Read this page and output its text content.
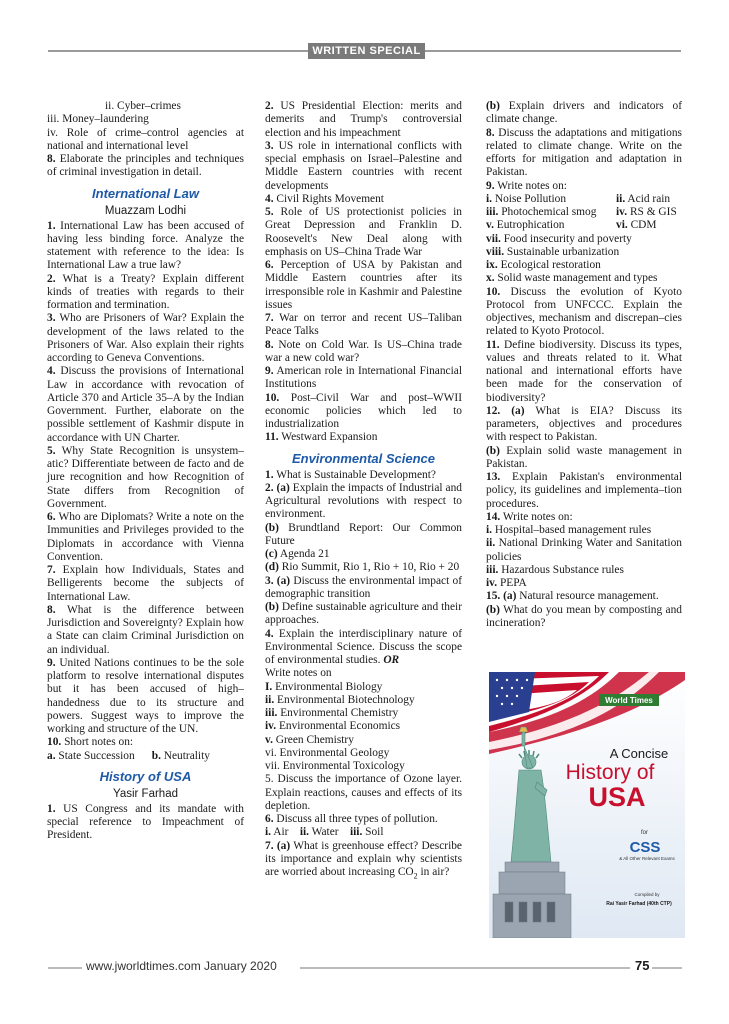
WRITTEN SPECIAL

ii. Cyber–crimes

iii. Money–laundering

iv. Role of crime–control agencies at national and international level

8. Elaborate the principles and techniques of criminal investigation in detail.

International Law

Muazzam Lodhi

1. International Law has been accused of having less binding force. Analyze the statement with reference to the idea: Is International Law a true law?

2. What is a Treaty? Explain different kinds of treaties with regards to their formation and termination.

3. Who are Prisoners of War? Explain the development of the laws related to the Prisoners of War. Also explain their rights according to Geneva Conventions.

4. Discuss the provisions of International Law in accordance with revocation of Article 370 and Article 35–A by the Indian Government. Further, elaborate on the possible settlement of Kashmir dispute in accordance with UN Charter.

5. Why State Recognition is unsystem–atic? Differentiate between de facto and de jure recognition and how Recognition of State differs from Recognition of Government.

6. Who are Diplomats? Write a note on the Immunities and Privileges provided to the Diplomats in accordance with Vienna Convention.

7. Explain how Individuals, States and Belligerents become the subjects of International Law.

8. What is the difference between Jurisdiction and Sovereignty? Explain how a State can claim Criminal Jurisdiction on an individual.

9. United Nations continues to be the sole platform to resolve international disputes but it has been accused of high–handedness due to its structure and powers. Suggest ways to improve the working and structure of the UN.

10. Short notes on:

a. State Succession b. Neutrality

History of USA

Yasir Farhad

1. US Congress and its mandate with special reference to Impeachment of President.

2. US Presidential Election: merits and demerits and Trump's controversial election and his impeachment

3. US role in international conflicts with special emphasis on Israel–Palestine and Middle Eastern countries with recent developments

4. Civil Rights Movement

5. Role of US protectionist policies in Great Depression and Franklin D. Roosevelt's New Deal along with emphasis on US–China Trade War

6. Perception of USA by Pakistan and Middle Eastern countries after its irresponsible role in Kashmir and Palestine issues

7. War on terror and recent US–Taliban Peace Talks

8. Note on Cold War. Is US–China trade war a new cold war?

9. American role in International Financial Institutions

10. Post–Civil War and post–WWII economic policies which led to industrialization

11. Westward Expansion

Environmental Science

1. What is Sustainable Development?

2. (a) Explain the impacts of Industrial and Agricultural revolutions with respect to environment.

(b) Brundtland Report: Our Common Future

(c) Agenda 21

(d) Rio Summit, Rio 1, Rio + 10, Rio + 20

3. (a) Discuss the environmental impact of demographic transition

(b) Define sustainable agriculture and their approaches.

4. Explain the interdisciplinary nature of Environmental Science. Discuss the scope of environmental studies. OR

Write notes on

I. Environmental Biology

ii. Environmental Biotechnology

iii. Environmental Chemistry

iv. Environmental Economics

v. Green Chemistry

vi. Environmental Geology

vii. Environmental Toxicology

5. Discuss the importance of Ozone layer. Explain reactions, causes and effects of its depletion.

6. Discuss all three types of pollution.

i. Air ii. Water iii. Soil

7. (a) What is greenhouse effect? Describe its importance and explain why scientists are worried about increasing $CO_2$ in air?

(b) Explain drivers and indicators of climate change.

8. Discuss the adaptations and mitigations related to climate change. Write on the efforts for mitigation and adaptation in Pakistan.

9. Write notes on:

i. Noise Pollution	ii. Acid rain

iii. Photochemical smog iv. RS & GIS

v. Eutrophication	vi. CDM

vii. Food insecurity and poverty

viii. Sustainable urbanization

ix. Ecological restoration

x. Solid waste management and types

10. Discuss the evolution of Kyoto Protocol from UNFCCC. Explain the objectives, mechanism and discrepan–cies related to Kyoto Protocol.

11. Define biodiversity. Discuss its types, values and threats related to it. What national and international efforts have been made for the conservation of biodiversity?

12. (a) What is EIA? Discuss its parameters, objectives and procedures with respect to Pakistan.

(b) Explain solid waste management in Pakistan.

13. Explain Pakistan's environmental policy, its guidelines and implementa–tion procedures.

14. Write notes on:

i. Hospital–based management rules

ii. National Drinking Water and Sanitation policies

iii. Hazardous Substance rules

iv. PEPA

15. (a) Natural resource management.

(b) What do you mean by composting and incineration?

World Times
A Concise
History of
USA
for
CSS
& All Other Relevant Exams
Compiled by
Rai Yasir Farhad (40th CTP)
www.jworldtimes.com January 2020	75
